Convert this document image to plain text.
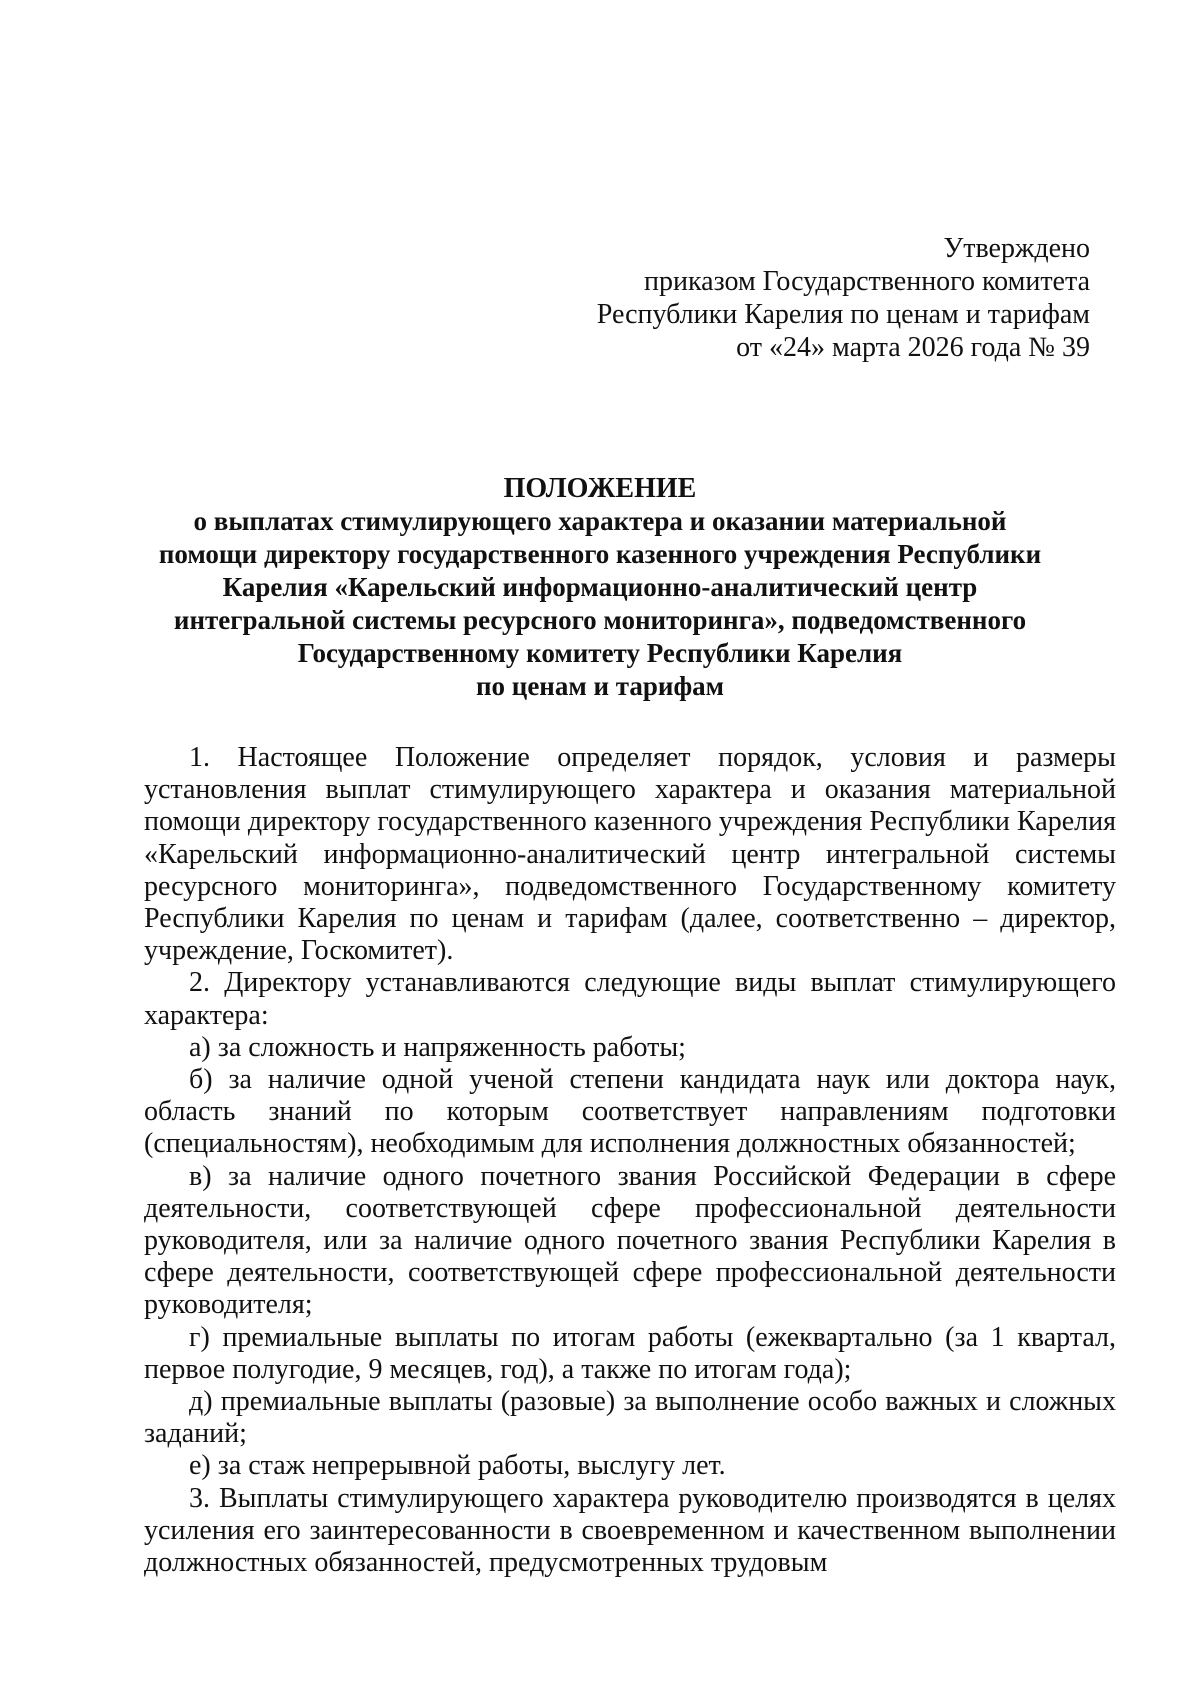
Утверждено
приказом Государственного комитета
Республики Карелия по ценам и тарифам
от «24» марта 2026 года № 39
ПОЛОЖЕНИЕ
о выплатах стимулирующего характера и оказании материальной
помощи директору государственного казенного учреждения Республики
Карелия «Карельский информационно-аналитический центр
интегральной системы ресурсного мониторинга», подведомственного
Государственному комитету Республики Карелия
по ценам и тарифам

1. Настоящее Положение определяет порядок, условия и размеры установления выплат стимулирующего характера и оказания материальной помощи директору государственного казенного учреждения Республики Карелия «Карельский информационно-аналитический центр интегральной системы ресурсного мониторинга», подведомственного Государственному комитету Республики Карелия по ценам и тарифам (далее, соответственно – директор, учреждение, Госкомитет).

2. Директору устанавливаются следующие виды выплат стимулирующего характера:

а) за сложность и напряженность работы;

б) за наличие одной ученой степени кандидата наук или доктора наук, область знаний по которым соответствует направлениям подготовки (специальностям), необходимым для исполнения должностных обязанностей;

в) за наличие одного почетного звания Российской Федерации в сфере деятельности, соответствующей сфере профессиональной деятельности руководителя, или за наличие одного почетного звания Республики Карелия в сфере деятельности, соответствующей сфере профессиональной деятельности руководителя;

г) премиальные выплаты по итогам работы (ежеквартально (за 1 квартал, первое полугодие, 9 месяцев, год), а также по итогам года);

д) премиальные выплаты (разовые) за выполнение особо важных и сложных заданий;

е) за стаж непрерывной работы, выслугу лет.

3. Выплаты стимулирующего характера руководителю производятся в целях усиления его заинтересованности в своевременном и качественном выполнении должностных обязанностей, предусмотренных трудовым
